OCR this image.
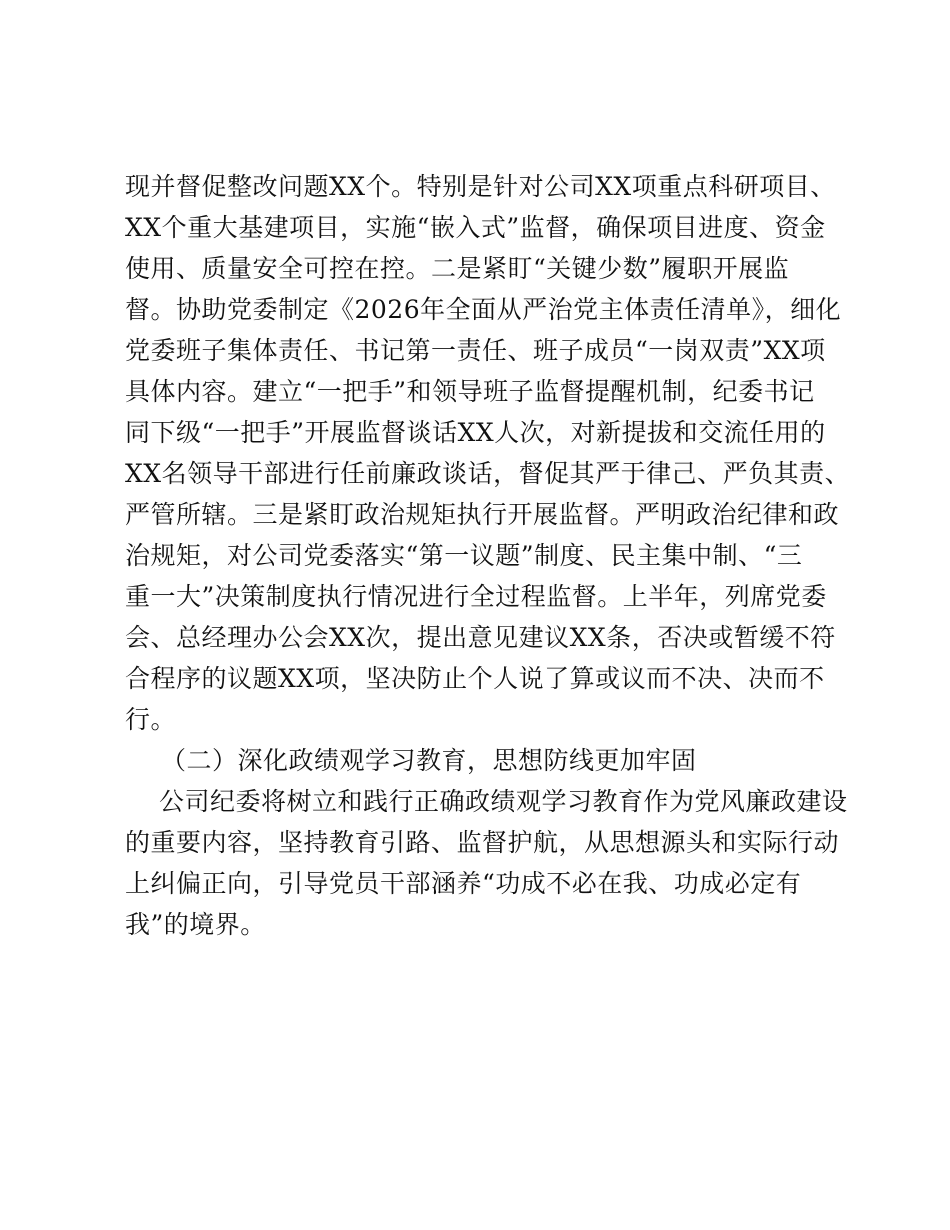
现并督促整改问题XX个。特别是针对公司XX项重点科研项目、
XX个重大基建项目，实施“嵌入式”监督，确保项目进度、资金
使用、质量安全可控在控。二是紧盯“关键少数”履职开展监
督。协助党委制定《2026年全面从严治党主体责任清单》，细化
党委班子集体责任、书记第一责任、班子成员“一岗双责”XX项
具体内容。建立“一把手”和领导班子监督提醒机制，纪委书记
同下级“一把手”开展监督谈话XX人次，对新提拔和交流任用的
XX名领导干部进行任前廉政谈话，督促其严于律己、严负其责、
严管所辖。三是紧盯政治规矩执行开展监督。严明政治纪律和政
治规矩，对公司党委落实“第一议题”制度、民主集中制、“三
重一大”决策制度执行情况进行全过程监督。上半年，列席党委
会、总经理办公会XX次，提出意见建议XX条，否决或暂缓不符
合程序的议题XX项，坚决防止个人说了算或议而不决、决而不
行。
（二）深化政绩观学习教育，思想防线更加牢固
公司纪委将树立和践行正确政绩观学习教育作为党风廉政建设
的重要内容，坚持教育引路、监督护航，从思想源头和实际行动
上纠偏正向，引导党员干部涵养“功成不必在我、功成必定有
我”的境界。
